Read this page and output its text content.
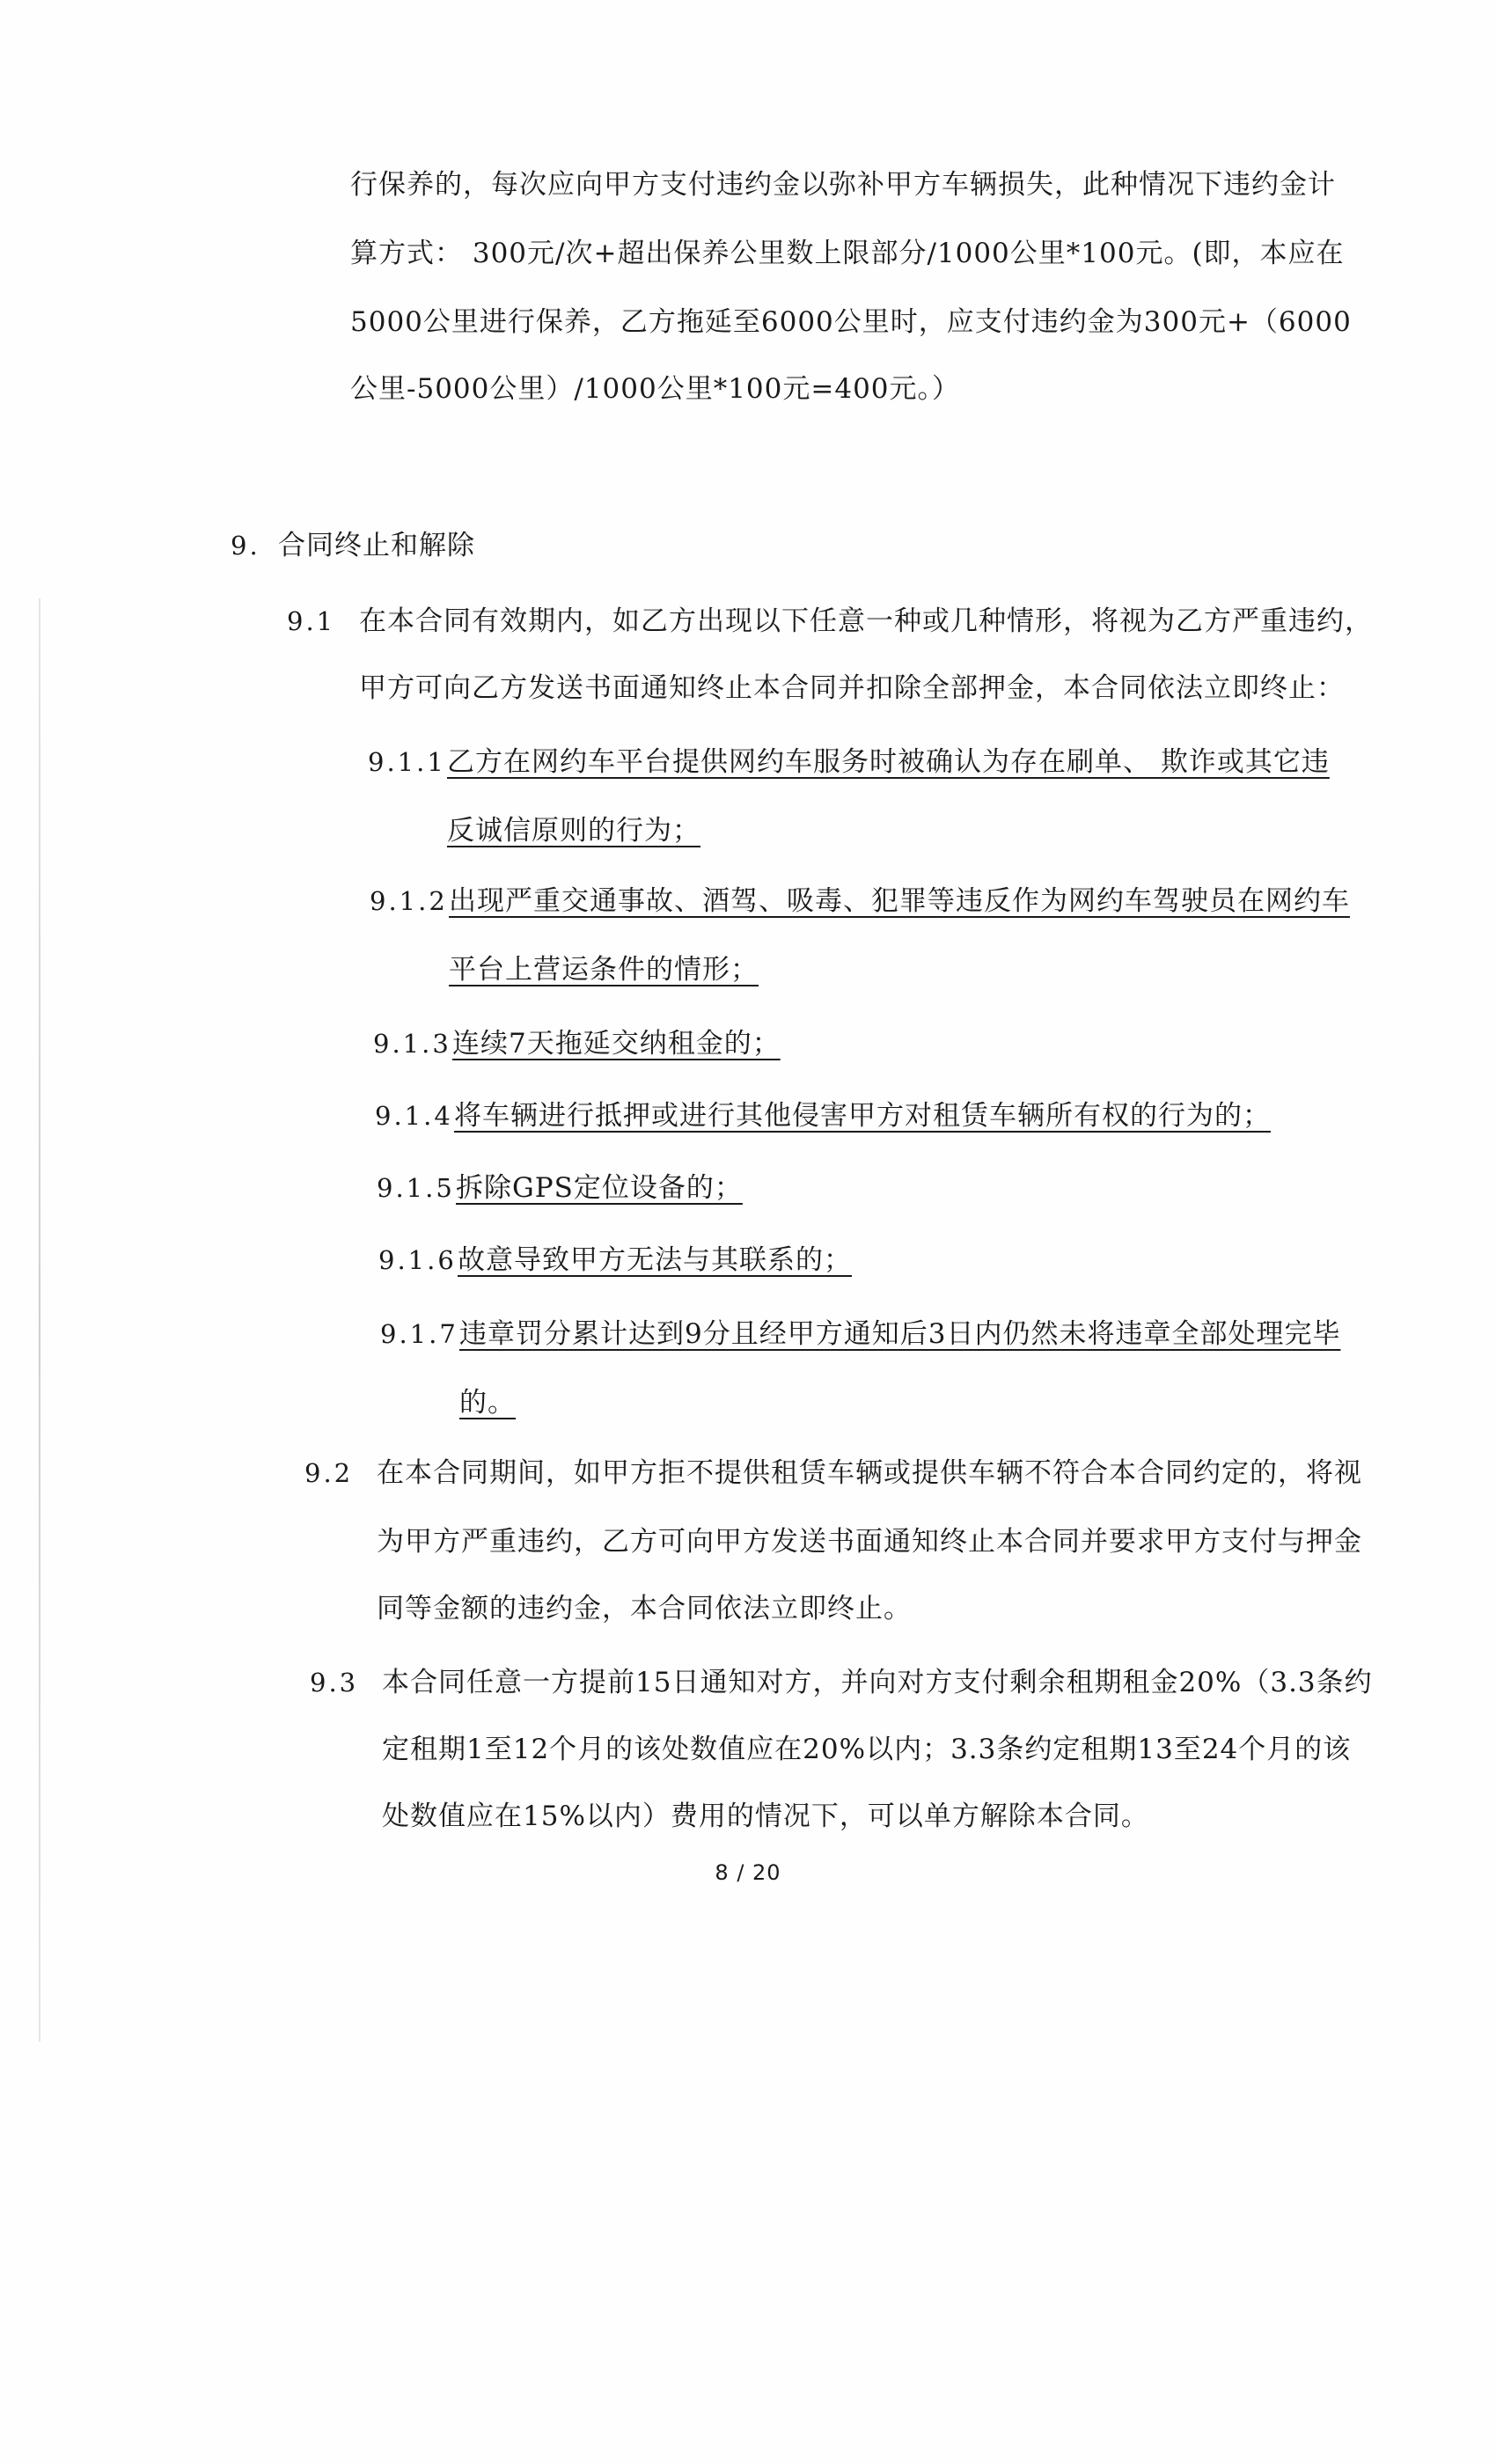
行保养的，每次应向甲方支付违约金以弥补甲方车辆损失，此种情况下违约金计
算方式： 300元/次+超出保养公里数上限部分/1000公里*100元。(即，本应在
5000公里进行保养，乙方拖延至6000公里时，应支付违约金为300元+（6000
公里-5000公里）/1000公里*100元=400元。）
9. 合同终止和解除
9.1 在本合同有效期内，如乙方出现以下任意一种或几种情形，将视为乙方严重违约，
甲方可向乙方发送书面通知终止本合同并扣除全部押金，本合同依法立即终止：
9.1.1 乙方在网约车平台提供网约车服务时被确认为存在刷单、 欺诈或其它违
反诚信原则的行为；
9.1.2 出现严重交通事故、酒驾、吸毒、犯罪等违反作为网约车驾驶员在网约车
平台上营运条件的情形；
9.1.3 连续7天拖延交纳租金的；
9.1.4 将车辆进行抵押或进行其他侵害甲方对租赁车辆所有权的行为的；
9.1.5 拆除GPS定位设备的；
9.1.6 故意导致甲方无法与其联系的；
9.1.7 违章罚分累计达到9分且经甲方通知后3日内仍然未将违章全部处理完毕
的。
9.2 在本合同期间，如甲方拒不提供租赁车辆或提供车辆不符合本合同约定的，将视
为甲方严重违约，乙方可向甲方发送书面通知终止本合同并要求甲方支付与押金
同等金额的违约金，本合同依法立即终止。
9.3 本合同任意一方提前15日通知对方，并向对方支付剩余租期租金20%（3.3条约
定租期1至12个月的该处数值应在20%以内；3.3条约定租期13至24个月的该
处数值应在15%以内）费用的情况下，可以单方解除本合同。
8 / 20
